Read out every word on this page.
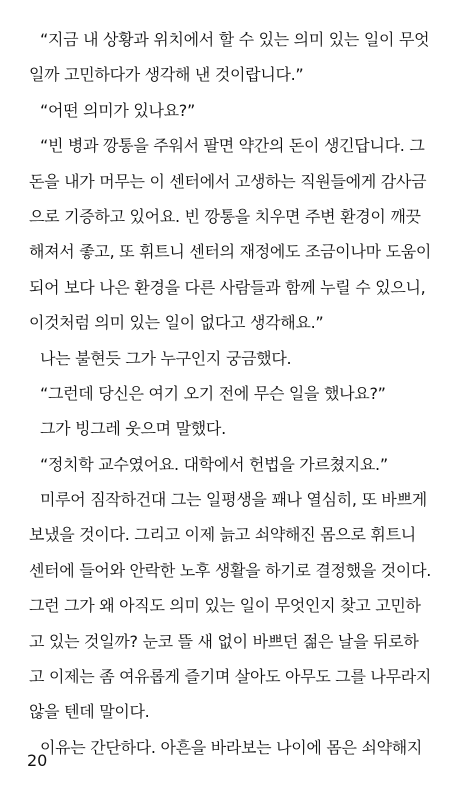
“지금 내 상황과 위치에서 할 수 있는 의미 있는 일이 무엇
일까 고민하다가 생각해 낸 것이랍니다.”
“어떤 의미가 있나요?”
“빈 병과 깡통을 주워서 팔면 약간의 돈이 생긴답니다. 그
돈을 내가 머무는 이 센터에서 고생하는 직원들에게 감사금
으로 기증하고 있어요. 빈 깡통을 치우면 주변 환경이 깨끗
해져서 좋고, 또 휘트니 센터의 재정에도 조금이나마 도움이
되어 보다 나은 환경을 다른 사람들과 함께 누릴 수 있으니,
이것처럼 의미 있는 일이 없다고 생각해요.”
나는 불현듯 그가 누구인지 궁금했다.
“그런데 당신은 여기 오기 전에 무슨 일을 했나요?”
그가 빙그레 웃으며 말했다.
“정치학 교수였어요. 대학에서 헌법을 가르쳤지요.”
미루어 짐작하건대 그는 일평생을 꽤나 열심히, 또 바쁘게
보냈을 것이다. 그리고 이제 늙고 쇠약해진 몸으로 휘트니
센터에 들어와 안락한 노후 생활을 하기로 결정했을 것이다.
그런 그가 왜 아직도 의미 있는 일이 무엇인지 찾고 고민하
고 있는 것일까? 눈코 뜰 새 없이 바쁘던 젊은 날을 뒤로하
고 이제는 좀 여유롭게 즐기며 살아도 아무도 그를 나무라지
않을 텐데 말이다.
이유는 간단하다. 아흔을 바라보는 나이에 몸은 쇠약해지
20
